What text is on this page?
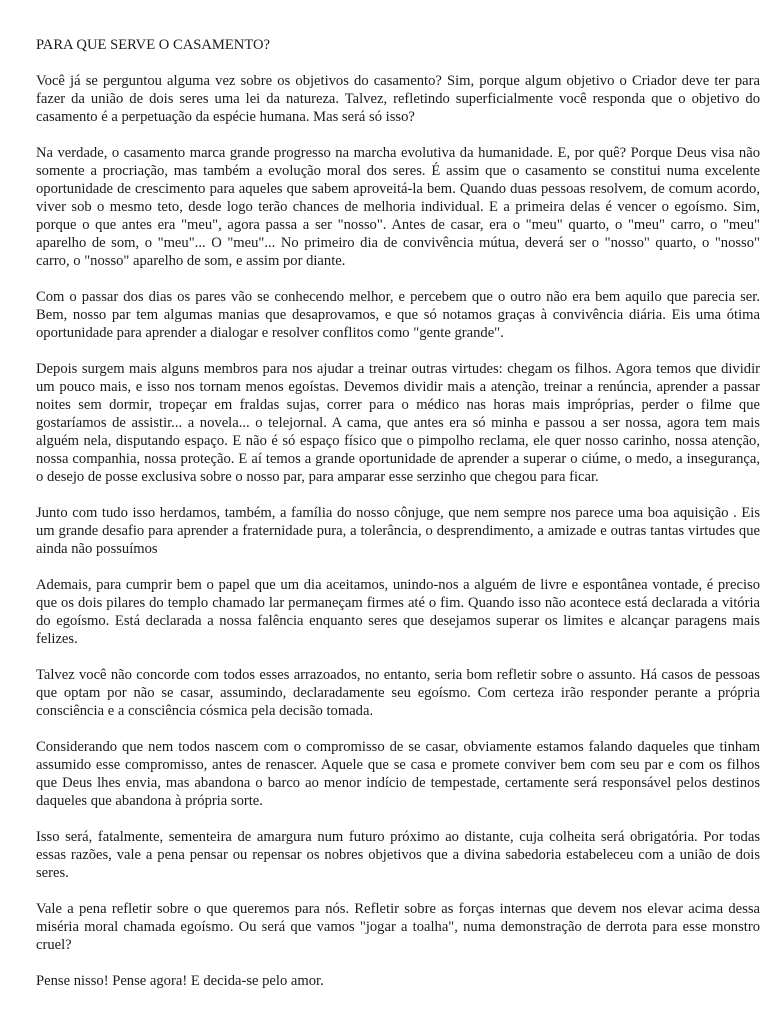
PARA QUE SERVE O CASAMENTO?

Você já se perguntou alguma vez sobre os objetivos do casamento? Sim, porque algum objetivo o Criador deve ter para fazer da união de dois seres uma lei da natureza. Talvez, refletindo superficialmente você responda que o objetivo do casamento é a perpetuação da espécie humana. Mas será só isso?

Na verdade, o casamento marca grande progresso na marcha evolutiva da humanidade. E, por quê? Porque Deus visa não somente a procriação, mas também a evolução moral dos seres. É assim que o casamento se constitui numa excelente oportunidade de crescimento para aqueles que sabem aproveitá-la bem. Quando duas pessoas resolvem, de comum acordo, viver sob o mesmo teto, desde logo terão chances de melhoria individual. E a primeira delas é vencer o egoísmo. Sim, porque o que antes era "meu", agora passa a ser "nosso". Antes de casar, era o "meu" quarto, o "meu" carro, o "meu" aparelho de som, o "meu"... O "meu"... No primeiro dia de convivência mútua, deverá ser o "nosso" quarto, o "nosso" carro, o "nosso" aparelho de som, e assim por diante.

Com o passar dos dias os pares vão se conhecendo melhor, e percebem que o outro não era bem aquilo que parecia ser. Bem, nosso par tem algumas manias que desaprovamos, e que só notamos graças à convivência diária. Eis uma ótima oportunidade para aprender a dialogar e resolver conflitos como "gente grande".

Depois surgem mais alguns membros para nos ajudar a treinar outras virtudes: chegam os filhos. Agora temos que dividir um pouco mais, e isso nos tornam menos egoístas. Devemos dividir mais a atenção, treinar a renúncia, aprender a passar noites sem dormir, tropeçar em fraldas sujas, correr para o médico nas horas mais impróprias, perder o filme que gostaríamos de assistir... a novela... o telejornal. A cama, que antes era só minha e passou a ser nossa, agora tem mais alguém nela, disputando espaço. E não é só espaço físico que o pimpolho reclama, ele quer nosso carinho, nossa atenção, nossa companhia, nossa proteção. E aí temos a grande oportunidade de aprender a superar o ciúme, o medo, a insegurança, o desejo de posse exclusiva sobre o nosso par, para amparar esse serzinho que chegou para ficar.

Junto com tudo isso herdamos, também, a família do nosso cônjuge, que nem sempre nos parece uma boa aquisição . Eis um grande desafio para aprender a fraternidade pura, a tolerância, o desprendimento, a amizade e outras tantas virtudes que ainda não possuímos

Ademais, para cumprir bem o papel que um dia aceitamos, unindo-nos a alguém de livre e espontânea vontade, é preciso que os dois pilares do templo chamado lar permaneçam firmes até o fim. Quando isso não acontece está declarada a vitória do egoísmo. Está declarada a nossa falência enquanto seres que desejamos superar os limites e alcançar paragens mais felizes.

Talvez você não concorde com todos esses arrazoados, no entanto, seria bom refletir sobre o assunto. Há casos de pessoas que optam por não se casar, assumindo, declaradamente seu egoísmo. Com certeza irão responder perante a própria consciência e a consciência cósmica pela decisão tomada.

Considerando que nem todos nascem com o compromisso de se casar, obviamente estamos falando daqueles que tinham assumido esse compromisso, antes de renascer. Aquele que se casa e promete conviver bem com seu par e com os filhos que Deus lhes envia, mas abandona o barco ao menor indício de tempestade, certamente será responsável pelos destinos daqueles que abandona à própria sorte.

Isso será, fatalmente, sementeira de amargura num futuro próximo ao distante, cuja colheita será obrigatória. Por todas essas razões, vale a pena pensar ou repensar os nobres objetivos que a divina sabedoria estabeleceu com a união de dois seres.

Vale a pena refletir sobre o que queremos para nós. Refletir sobre as forças internas que devem nos elevar acima dessa miséria moral chamada egoísmo. Ou será que vamos "jogar a toalha", numa demonstração de derrota para esse monstro cruel?

Pense nisso! Pense agora! E decida-se pelo amor.
